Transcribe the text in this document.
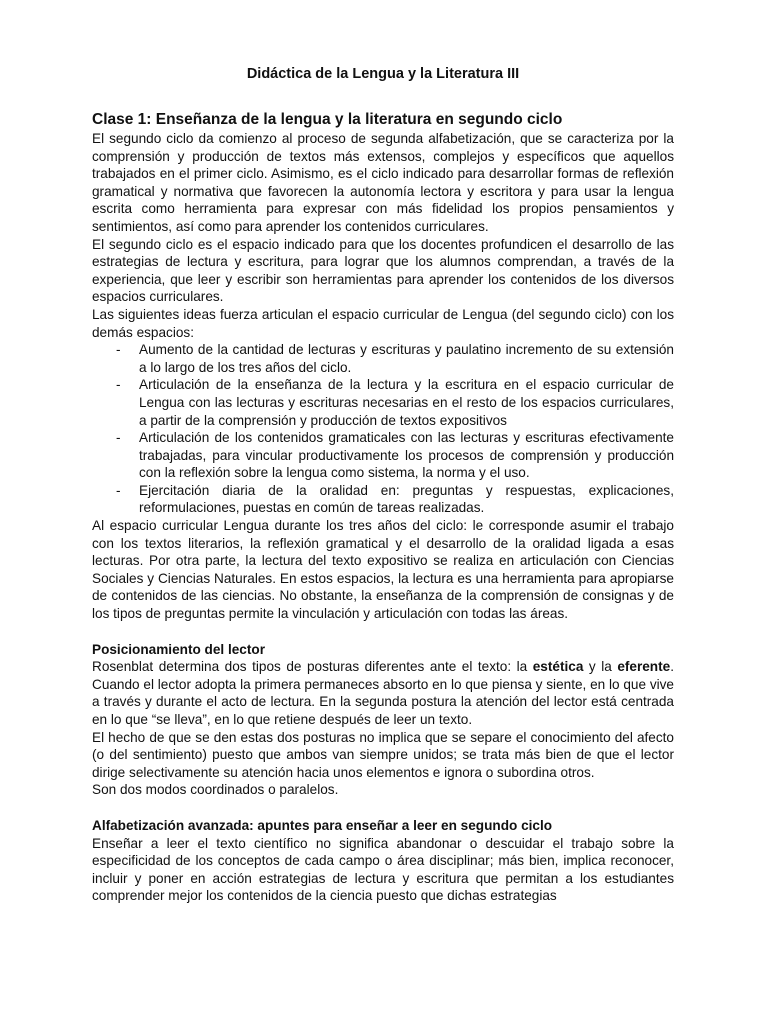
Didáctica de la Lengua y la Literatura III
Clase 1: Enseñanza de la lengua y la literatura en segundo ciclo

El segundo ciclo da comienzo al proceso de segunda alfabetización, que se caracteriza por la comprensión y producción de textos más extensos, complejos y específicos que aquellos trabajados en el primer ciclo. Asimismo, es el ciclo indicado para desarrollar formas de reflexión gramatical y normativa que favorecen la autonomía lectora y escritora y para usar la lengua escrita como herramienta para expresar con más fidelidad los propios pensamientos y sentimientos, así como para aprender los contenidos curriculares.

El segundo ciclo es el espacio indicado para que los docentes profundicen el desarrollo de las estrategias de lectura y escritura, para lograr que los alumnos comprendan, a través de la experiencia, que leer y escribir son herramientas para aprender los contenidos de los diversos espacios curriculares.

Las siguientes ideas fuerza articulan el espacio curricular de Lengua (del segundo ciclo) con los demás espacios:

- Aumento de la cantidad de lecturas y escrituras y paulatino incremento de su extensión a lo largo de los tres años del ciclo.
- Articulación de la enseñanza de la lectura y la escritura en el espacio curricular de Lengua con las lecturas y escrituras necesarias en el resto de los espacios curriculares, a partir de la comprensión y producción de textos expositivos
- Articulación de los contenidos gramaticales con las lecturas y escrituras efectivamente trabajadas, para vincular productivamente los procesos de comprensión y producción con la reflexión sobre la lengua como sistema, la norma y el uso.
- Ejercitación diaria de la oralidad en: preguntas y respuestas, explicaciones, reformulaciones, puestas en común de tareas realizadas.

Al espacio curricular Lengua durante los tres años del ciclo: le corresponde asumir el trabajo con los textos literarios, la reflexión gramatical y el desarrollo de la oralidad ligada a esas lecturas. Por otra parte, la lectura del texto expositivo se realiza en articulación con Ciencias Sociales y Ciencias Naturales. En estos espacios, la lectura es una herramienta para apropiarse de contenidos de las ciencias. No obstante, la enseñanza de la comprensión de consignas y de los tipos de preguntas permite la vinculación y articulación con todas las áreas.

Posicionamiento del lector

Rosenblat determina dos tipos de posturas diferentes ante el texto: la estética y la eferente. Cuando el lector adopta la primera permaneces absorto en lo que piensa y siente, en lo que vive a través y durante el acto de lectura. En la segunda postura la atención del lector está centrada en lo que “se lleva”, en lo que retiene después de leer un texto.

El hecho de que se den estas dos posturas no implica que se separe el conocimiento del afecto (o del sentimiento) puesto que ambos van siempre unidos; se trata más bien de que el lector dirige selectivamente su atención hacia unos elementos e ignora o subordina otros.

Son dos modos coordinados o paralelos.

Alfabetización avanzada: apuntes para enseñar a leer en segundo ciclo

Enseñar a leer el texto científico no significa abandonar o descuidar el trabajo sobre la especificidad de los conceptos de cada campo o área disciplinar; más bien, implica reconocer, incluir y poner en acción estrategias de lectura y escritura que permitan a los estudiantes comprender mejor los contenidos de la ciencia puesto que dichas estrategias
